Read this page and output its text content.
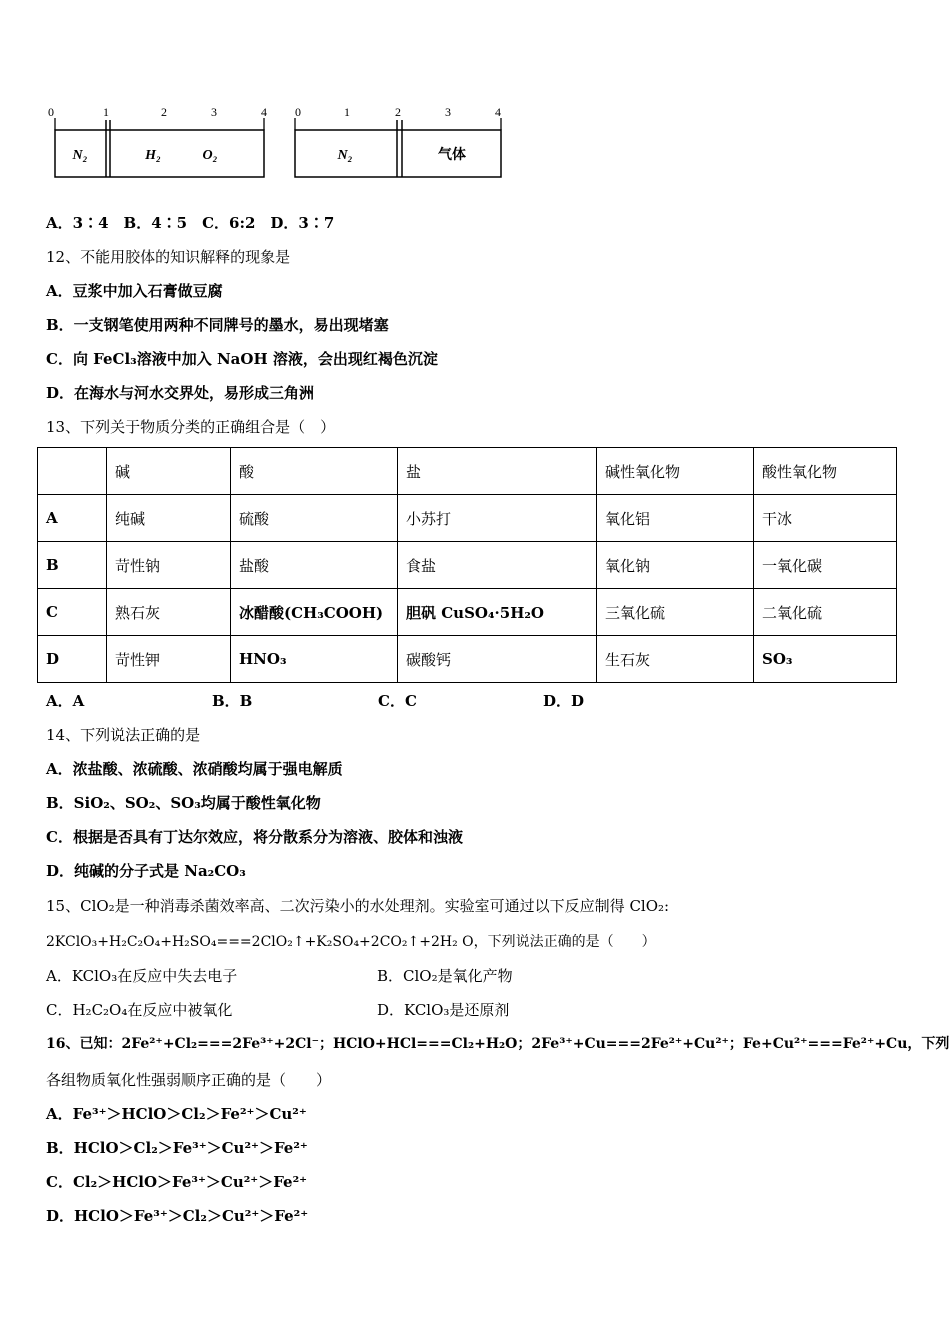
0	1	2	3	4
N₂	H₂	O₂
0	1	2	3	4
N₂	气体
A．3∶4　B．4∶5　C．6:2　D．3∶7
12、不能用胶体的知识解释的现象是
A．豆浆中加入石膏做豆腐
B．一支钢笔使用两种不同牌号的墨水，易出现堵塞
C．向 FeCl₃溶液中加入 NaOH 溶液，会出现红褐色沉淀
D．在海水与河水交界处，易形成三角洲
13、下列关于物质分类的正确组合是（　）
	碱	酸	盐	碱性氧化物	酸性氧化物
A	纯碱	硫酸	小苏打	氧化铝	干冰
B	苛性钠	盐酸	食盐	氧化钠	一氧化碳
C	熟石灰	冰醋酸(CH₃COOH)	胆矾 CuSO₄·5H₂O	三氧化硫	二氧化硫
D	苛性钾	HNO₃	碳酸钙	生石灰	SO₃
A．A	B．B	C．C	D．D
14、下列说法正确的是
A．浓盐酸、浓硫酸、浓硝酸均属于强电解质
B．SiO₂、SO₂、SO₃均属于酸性氧化物
C．根据是否具有丁达尔效应，将分散系分为溶液、胶体和浊液
D．纯碱的分子式是 Na₂CO₃
15、ClO₂是一种消毒杀菌效率高、二次污染小的水处理剂。实验室可通过以下反应制得 ClO₂:
2KClO₃+H₂C₂O₄+H₂SO₄===2ClO₂↑+K₂SO₄+2CO₂↑+2H₂ O，下列说法正确的是（　　）
A．KClO₃在反应中失去电子	B．ClO₂是氧化产物
C．H₂C₂O₄在反应中被氧化	D．KClO₃是还原剂
16、已知：2Fe²⁺+Cl₂===2Fe³⁺+2Cl⁻；HClO+HCl===Cl₂+H₂O；2Fe³⁺+Cu===2Fe²⁺+Cu²⁺；Fe+Cu²⁺===Fe²⁺+Cu，下列
各组物质氧化性强弱顺序正确的是（　　）
A．Fe³⁺＞HClO＞Cl₂＞Fe²⁺＞Cu²⁺
B．HClO＞Cl₂＞Fe³⁺＞Cu²⁺＞Fe²⁺
C．Cl₂＞HClO＞Fe³⁺＞Cu²⁺＞Fe²⁺
D．HClO＞Fe³⁺＞Cl₂＞Cu²⁺＞Fe²⁺
